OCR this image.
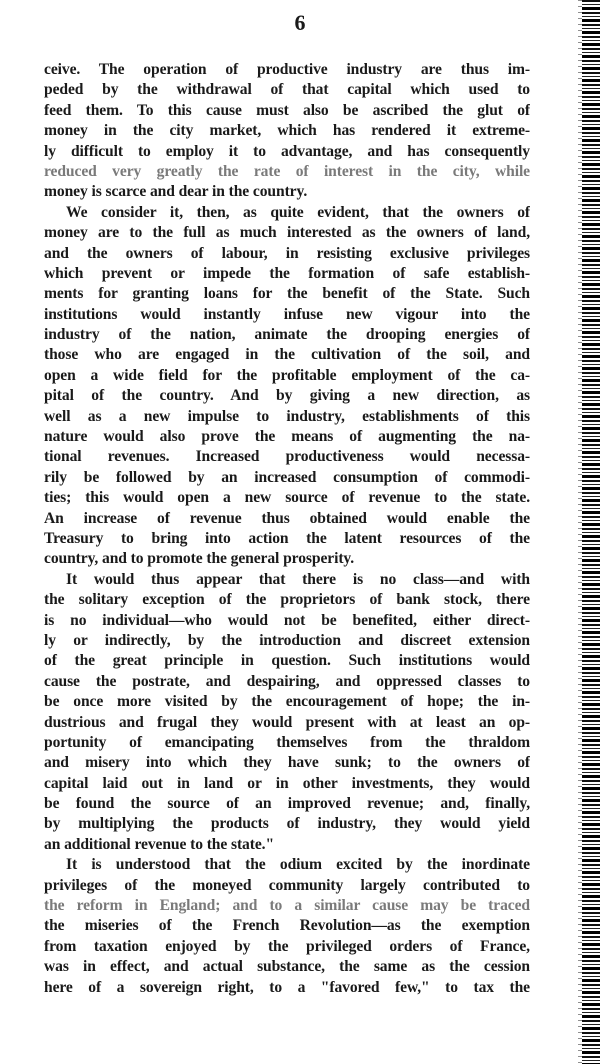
6
ceive. The operation of productive industry are thus im-
peded by the withdrawal of that capital which used to
feed them. To this cause must also be ascribed the glut of
money in the city market, which has rendered it extreme-
ly difficult to employ it to advantage, and has consequently
reduced very greatly the rate of interest in the city, while
money is scarce and dear in the country.
We consider it, then, as quite evident, that the owners of
money are to the full as much interested as the owners of land,
and the owners of labour, in resisting exclusive privileges
which prevent or impede the formation of safe establish-
ments for granting loans for the benefit of the State. Such
institutions would instantly infuse new vigour into the
industry of the nation, animate the drooping energies of
those who are engaged in the cultivation of the soil, and
open a wide field for the profitable employment of the ca-
pital of the country. And by giving a new direction, as
well as a new impulse to industry, establishments of this
nature would also prove the means of augmenting the na-
tional revenues. Increased productiveness would necessa-
rily be followed by an increased consumption of commodi-
ties; this would open a new source of revenue to the state.
An increase of revenue thus obtained would enable the
Treasury to bring into action the latent resources of the
country, and to promote the general prosperity.
It would thus appear that there is no class—and with
the solitary exception of the proprietors of bank stock, there
is no individual—who would not be benefited, either direct-
ly or indirectly, by the introduction and discreet extension
of the great principle in question. Such institutions would
cause the postrate, and despairing, and oppressed classes to
be once more visited by the encouragement of hope; the in-
dustrious and frugal they would present with at least an op-
portunity of emancipating themselves from the thraldom
and misery into which they have sunk; to the owners of
capital laid out in land or in other investments, they would
be found the source of an improved revenue; and, finally,
by multiplying the products of industry, they would yield
an additional revenue to the state."
It is understood that the odium excited by the inordinate
privileges of the moneyed community largely contributed to
the reform in England; and to a similar cause may be traced
the miseries of the French Revolution—as the exemption
from taxation enjoyed by the privileged orders of France,
was in effect, and actual substance, the same as the cession
here of a sovereign right, to a "favored few," to tax the
